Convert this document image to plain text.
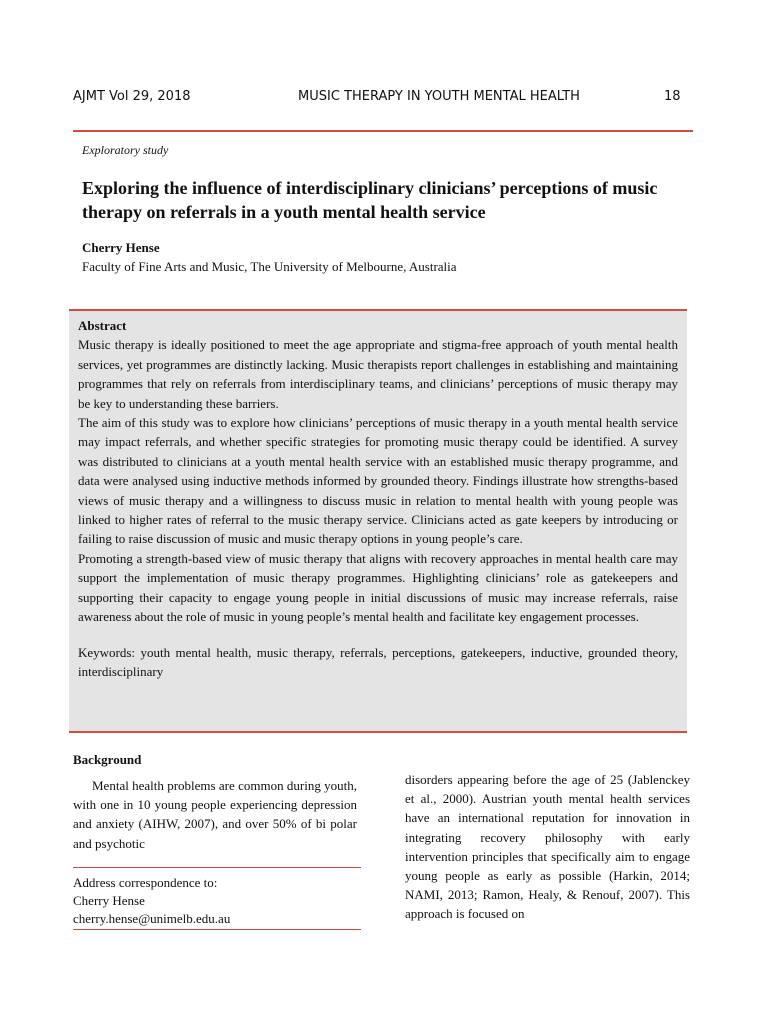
AJMT Vol 29, 2018	MUSIC THERAPY IN YOUTH MENTAL HEALTH	18
Exploratory study
Exploring the influence of interdisciplinary clinicians’ perceptions of music therapy on referrals in a youth mental health service
Cherry Hense
Faculty of Fine Arts and Music, The University of Melbourne, Australia

Abstract

Music therapy is ideally positioned to meet the age appropriate and stigma-free approach of youth mental health services, yet programmes are distinctly lacking. Music therapists report challenges in establishing and maintaining programmes that rely on referrals from interdisciplinary teams, and clinicians’ perceptions of music therapy may be key to understanding these barriers.

The aim of this study was to explore how clinicians’ perceptions of music therapy in a youth mental health service may impact referrals, and whether specific strategies for promoting music therapy could be identified. A survey was distributed to clinicians at a youth mental health service with an established music therapy programme, and data were analysed using inductive methods informed by grounded theory. Findings illustrate how strengths-based views of music therapy and a willingness to discuss music in relation to mental health with young people was linked to higher rates of referral to the music therapy service. Clinicians acted as gate keepers by introducing or failing to raise discussion of music and music therapy options in young people’s care.

Promoting a strength-based view of music therapy that aligns with recovery approaches in mental health care may support the implementation of music therapy programmes. Highlighting clinicians’ role as gatekeepers and supporting their capacity to engage young people in initial discussions of music may increase referrals, raise awareness about the role of music in young people’s mental health and facilitate key engagement processes.

Keywords: youth mental health, music therapy, referrals, perceptions, gatekeepers, inductive, grounded theory, interdisciplinary

Background
Mental health problems are common during youth, with one in 10 young people experiencing depression and anxiety (AIHW, 2007), and over 50% of bi polar and psychotic
disorders appearing before the age of 25 (Jablenckey et al., 2000). Austrian youth mental health services have an international reputation for innovation in integrating recovery philosophy with early intervention principles that specifically aim to engage young people as early as possible (Harkin, 2014; NAMI, 2013; Ramon, Healy, & Renouf, 2007). This approach is focused on
Address correspondence to:
Cherry Hense
cherry.hense@unimelb.edu.au
